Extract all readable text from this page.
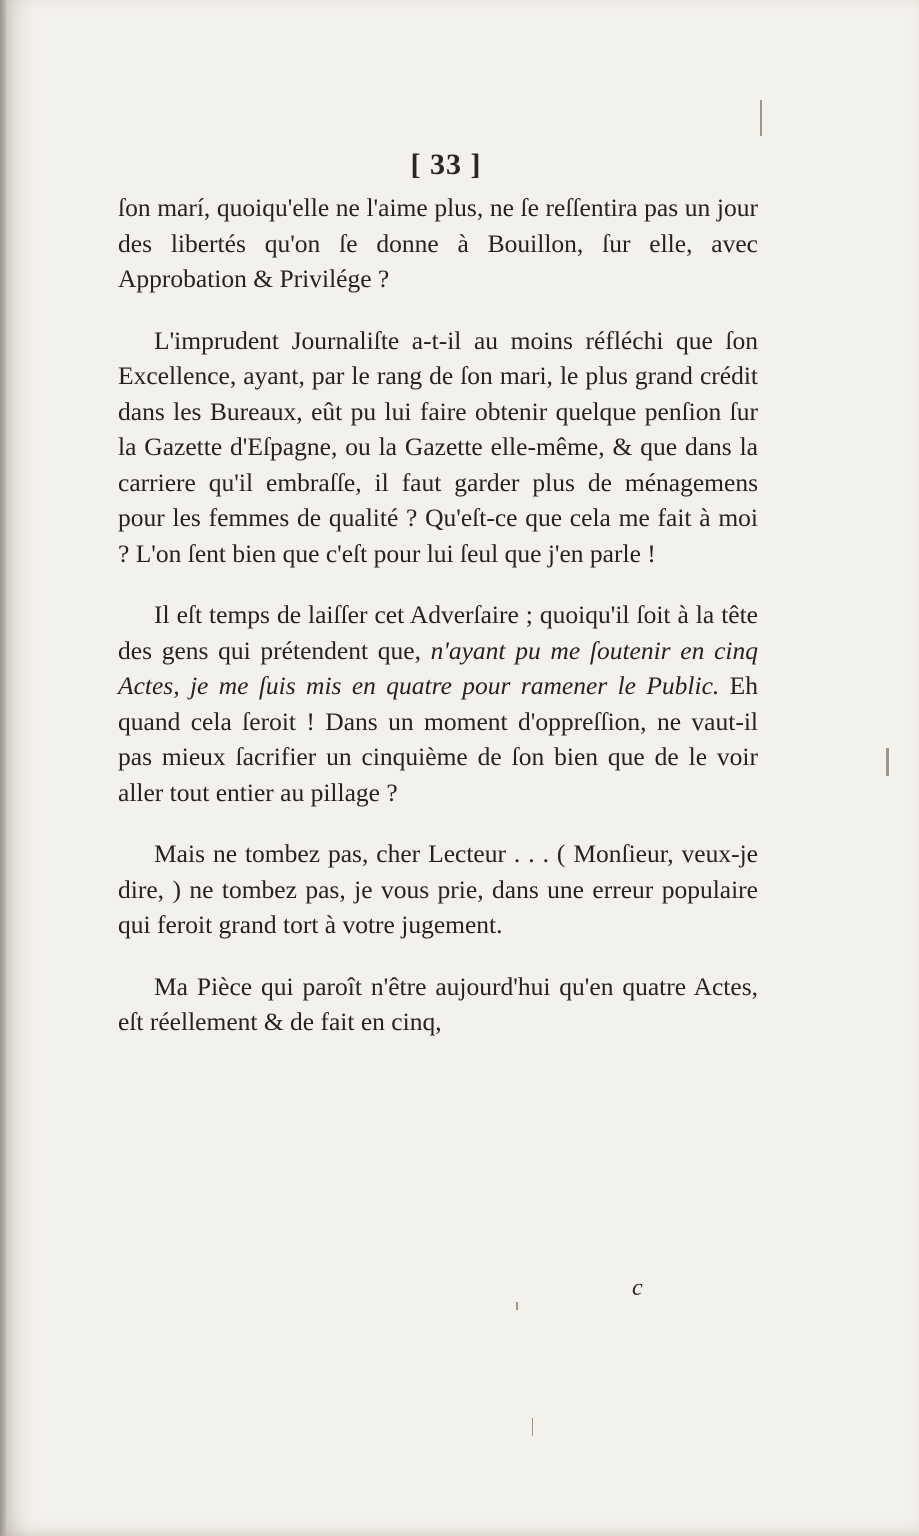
[ 33 ]

ſon marí, quoiqu'elle ne l'aime plus, ne ſe reſſentira pas un jour des libertés qu'on ſe donne à Bouillon, ſur elle, avec Approbation & Privilége ?

L'imprudent Journaliſte a-t-il au moins réfléchi que ſon Excellence, ayant, par le rang de ſon mari, le plus grand crédit dans les Bureaux, eût pu lui faire obtenir quelque penſion ſur la Gazette d'Eſpagne, ou la Gazette elle-même, & que dans la carriere qu'il embraſſe, il faut garder plus de ménagemens pour les femmes de qualité ? Qu'eſt-ce que cela me fait à moi ? L'on ſent bien que c'eſt pour lui ſeul que j'en parle !

Il eſt temps de laiſſer cet Adverſaire ; quoiqu'il ſoit à la tête des gens qui prétendent que, n'ayant pu me ſoutenir en cinq Actes, je me ſuis mis en quatre pour ramener le Public. Eh quand cela ſeroit ! Dans un moment d'oppreſſion, ne vaut-il pas mieux ſacrifier un cinquième de ſon bien que de le voir aller tout entier au pillage ?

Mais ne tombez pas, cher Lecteur . . . ( Monſieur, veux-je dire, ) ne tombez pas, je vous prie, dans une erreur populaire qui feroit grand tort à votre jugement.

Ma Pièce qui paroît n'être aujourd'hui qu'en quatre Actes, eſt réellement & de fait en cinq,

c
